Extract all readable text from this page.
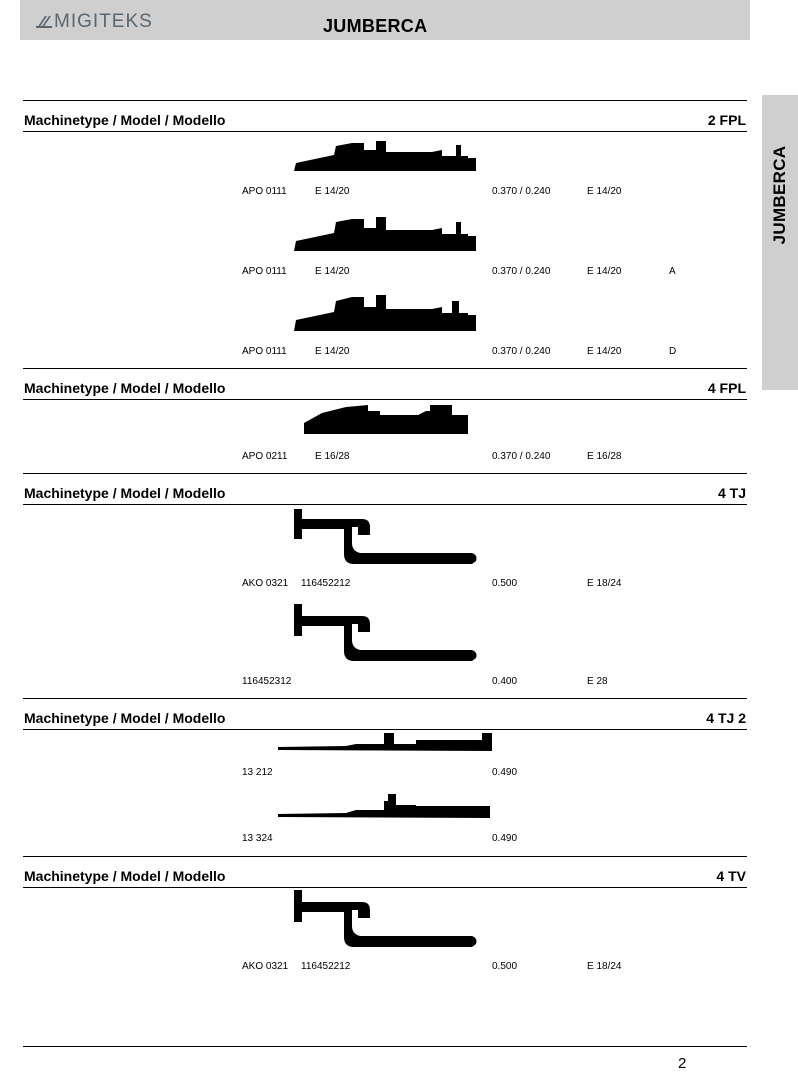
MIGITEKS	JUMBERCA
JUMBERCA
Machinetype / Model / Modello	2 FPL
APO 0111	E 14/20	0.370 / 0.240	E 14/20
APO 0111	E 14/20	0.370 / 0.240	E 14/20	A
APO 0111	E 14/20	0.370 / 0.240	E 14/20	D
Machinetype / Model / Modello	4 FPL
APO 0211	E 16/28	0.370 / 0.240	E 16/28
Machinetype / Model / Modello	4 TJ
AKO 0321 116452212	0.500	E 18/24
116452312	0.400	E 28
Machinetype / Model / Modello	4 TJ 2
13 212	0.490
13 324	0.490
Machinetype / Model / Modello	4 TV
AKO 0321 116452212	0.500	E 18/24
2
